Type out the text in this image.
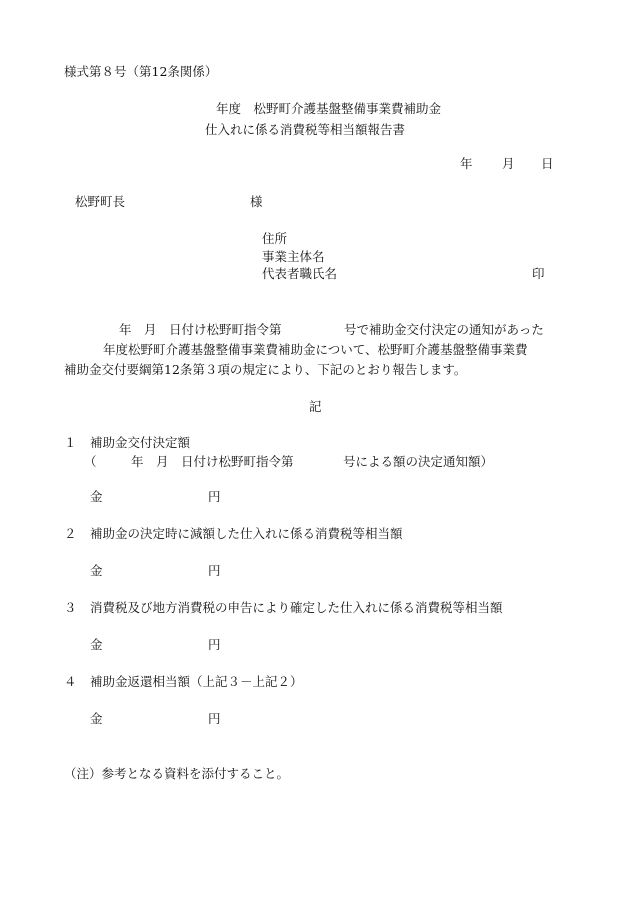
様式第８号（第12条関係）
年度　松野町介護基盤整備事業費補助金
仕入れに係る消費税等相当額報告書
年 月 日
松野町長	様
住所
事業主体名
代表者職氏名	印
年　月　日付け松野町指令第	号で補助金交付決定の通知があった
年度松野町介護基盤整備事業費補助金について、松野町介護基盤整備事業費
補助金交付要綱第12条第３項の規定により、下記のとおり報告します。
記
１ 補助金交付決定額
（	年　月　日付け松野町指令第	号による額の決定通知額）
金	円
２ 補助金の決定時に減額した仕入れに係る消費税等相当額
金	円
３ 消費税及び地方消費税の申告により確定した仕入れに係る消費税等相当額
金	円
４ 補助金返還相当額（上記３－上記２）
金	円
（注）参考となる資料を添付すること。
